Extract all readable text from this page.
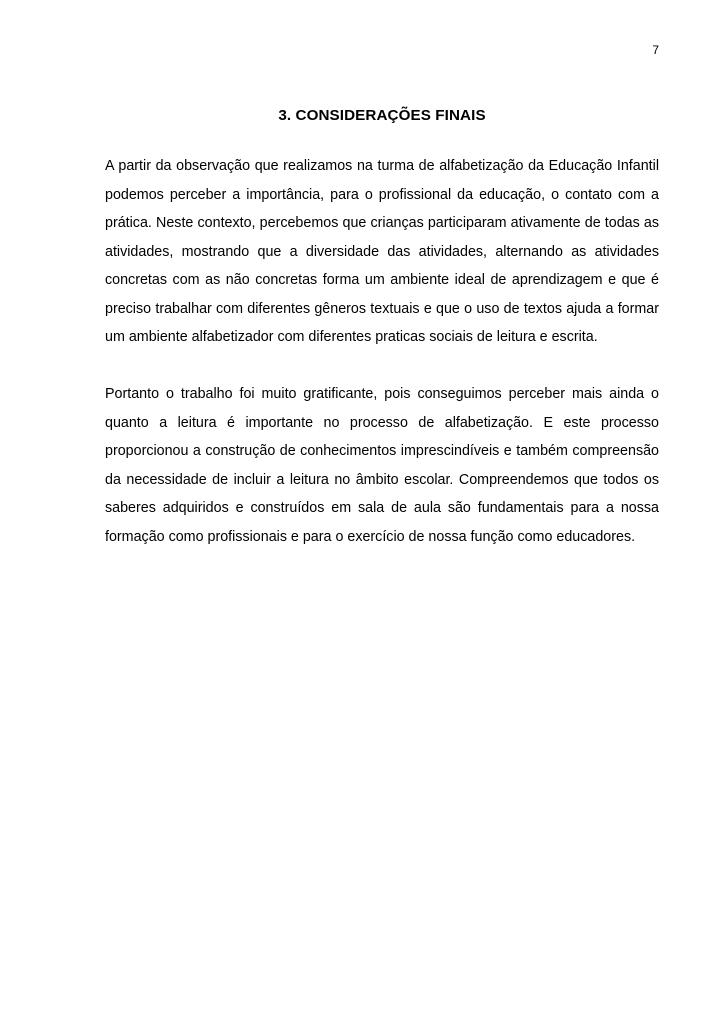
7
3. CONSIDERAÇÕES FINAIS

A partir da observação que realizamos na turma de alfabetização da Educação Infantil podemos perceber a importância, para o profissional da educação, o contato com a prática. Neste contexto, percebemos que crianças participaram ativamente de todas as atividades, mostrando que a diversidade das atividades, alternando as atividades concretas com as não concretas forma um ambiente ideal de aprendizagem e que é preciso trabalhar com diferentes gêneros textuais e que o uso de textos ajuda a formar um ambiente alfabetizador com diferentes praticas sociais de leitura e escrita.

Portanto o trabalho foi muito gratificante, pois conseguimos perceber mais ainda o quanto a leitura é importante no processo de alfabetização. E este processo proporcionou a construção de conhecimentos imprescindíveis e também compreensão da necessidade de incluir a leitura no âmbito escolar. Compreendemos que todos os saberes adquiridos e construídos em sala de aula são fundamentais para a nossa formação como profissionais e para o exercício de nossa função como educadores.
